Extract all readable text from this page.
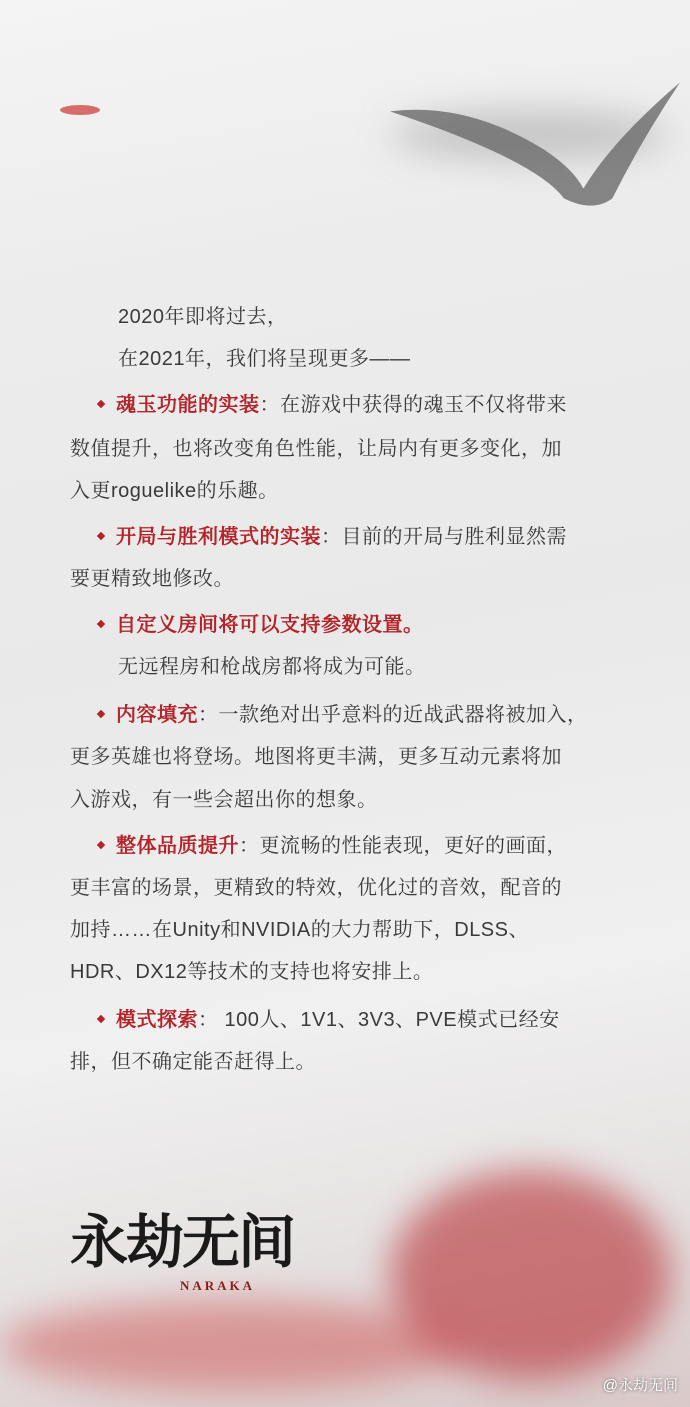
2020年即将过去，
在2021年，我们将呈现更多——
魂玉功能的实装：在游戏中获得的魂玉不仅将带来
数值提升，也将改变角色性能，让局内有更多变化，加
入更roguelike的乐趣。
开局与胜利模式的实装：目前的开局与胜利显然需
要更精致地修改。
自定义房间将可以支持参数设置。
无远程房和枪战房都将成为可能。
内容填充：一款绝对出乎意料的近战武器将被加入，
更多英雄也将登场。地图将更丰满，更多互动元素将加
入游戏，有一些会超出你的想象。
整体品质提升：更流畅的性能表现，更好的画面，
更丰富的场景，更精致的特效，优化过的音效，配音的
加持……在Unity和NVIDIA的大力帮助下，DLSS、
HDR、DX12等技术的支持也将安排上。
模式探索： 100人、1V1、3V3、PVE模式已经安
排，但不确定能否赶得上。
永劫无间
NARAKA
@永劫无间
